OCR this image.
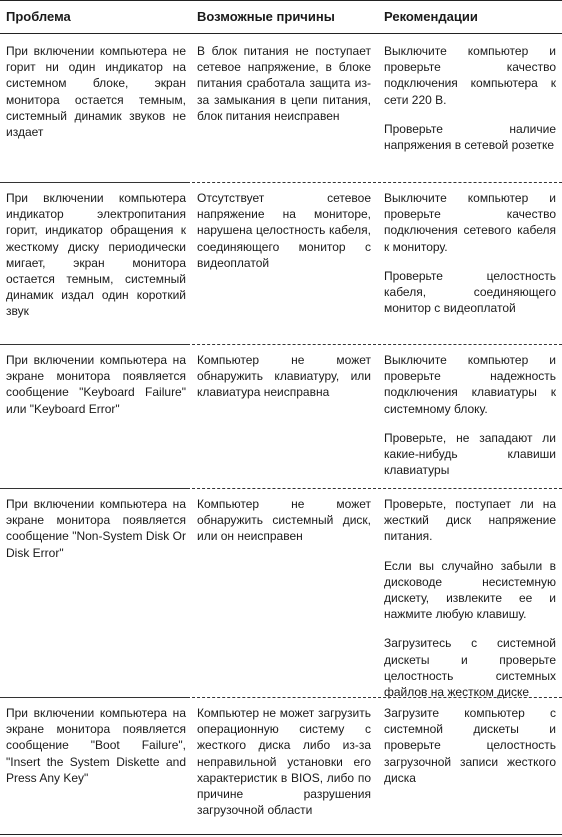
Проблема	Возможные причины	Рекомендации
При включении компьютера не горит ни один индикатор на системном блоке, экран монитора остается темным, системный динамик звуков не издает
В блок питания не поступает сетевое напряжение, в блоке питания сработала защита из-за замыкания в цепи питания, блок питания неисправен

Выключите компьютер и проверьте качество подключения компьютера к сети 220 В.

Проверьте наличие напряжения в сетевой розетке

При включении компьютера индикатор электропитания горит, индикатор обращения к жесткому диску периодически мигает, экран монитора остается темным, системный динамик издал один короткий звук
Отсутствует сетевое напряжение на мониторе, нарушена целостность кабеля, соединяющего монитор с видеоплатой

Выключите компьютер и проверьте качество подключения сетевого кабеля к монитору.

Проверьте целостность кабеля, соединяющего монитор с видеоплатой

При включении компьютера на экране монитора появляется сообщение "Keyboard Failure" или "Keyboard Error"
Компьютер не может обнаружить клавиатуру, или клавиатура неисправна

Выключите компьютер и проверьте надежность подключения клавиатуры к системному блоку.

Проверьте, не западают ли какие-нибудь клавиши клавиатуры

При включении компьютера на экране монитора появляется сообщение "Non-System Disk Or Disk Error"
Компьютер не может обнаружить системный диск, или он неисправен

Проверьте, поступает ли на жесткий диск напряжение питания.

Если вы случайно забыли в дисководе несистемную дискету, извлеките ее и нажмите любую клавишу.

Загрузитесь с системной дискеты и проверьте целостность системных файлов на жестком диске

При включении компьютера на экране монитора появляется сообщение "Boot Failure", "Insert the System Diskette and Press Any Key"
Компьютер не может загрузить операционную систему с жесткого диска либо из-за неправильной установки его характеристик в BIOS, либо по причине разрушения загрузочной области

Загрузите компьютер с системной дискеты и проверьте целостность загрузочной записи жесткого диска
